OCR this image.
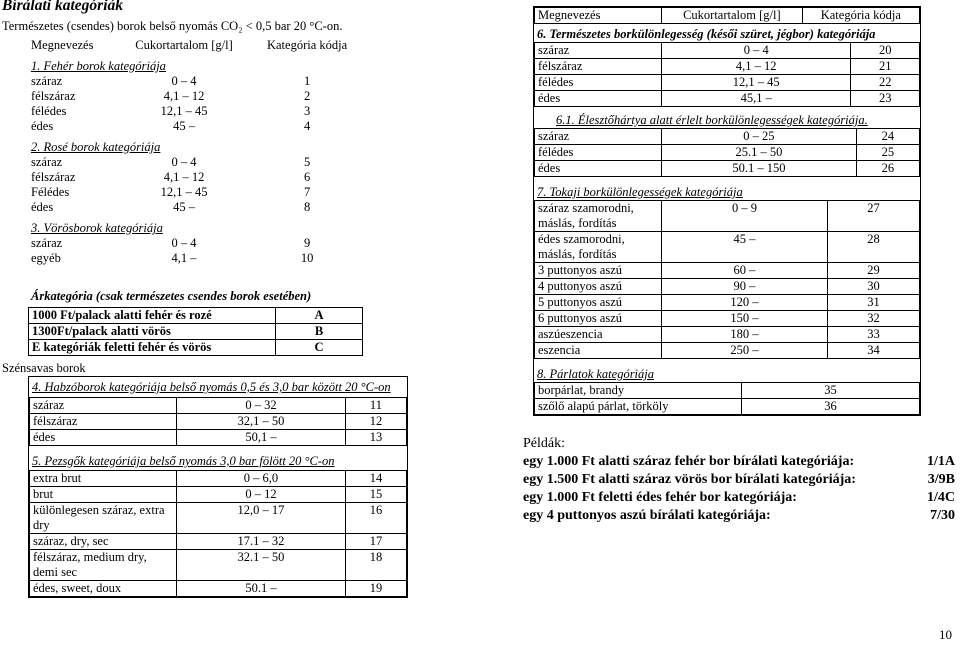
Bírálati kategóriák
Természetes (csendes) borok belső nyomás CO₂ < 0,5 bar 20 °C-on.
Megnevezés	Cukortartalom [g/l]	Kategória kódja
1. Fehér borok kategóriája		
száraz	0 – 4	1
félszáraz	4,1 – 12	2
félédes	12,1 – 45	3
édes	45 –	4
2. Rosé borok kategóriája		
száraz	0 – 4	5
félszáraz	4,1 – 12	6
Félédes	12,1 – 45	7
édes	45 –	8
3. Vörösborok kategóriája		
száraz	0 – 4	9
egyéb	4,1 –	10
Árkategória (csak természetes csendes borok esetében)
1000 Ft/palack alatti fehér és rozé	A
1300Ft/palack alatti vörös	B
E kategóriák feletti fehér és vörös	C
Szénsavas borok
4. Habzóborok kategóriája belső nyomás 0,5 és 3,0 bar között 20 °C-on
száraz	0 – 32	11
félszáraz	32,1 – 50	12
édes	50,1 –	13
5. Pezsgők kategóriája belső nyomás 3,0 bar fölött 20 °C-on
extra brut	0 – 6,0	14
brut	0 – 12	15
különlegesen száraz, extra dry	12,0 – 17	16
száraz, dry, sec	17.1 – 32	17
félszáraz, medium dry, demi sec	32.1 – 50	18
édes, sweet, doux	50.1 –	19
Megnevezés	Cukortartalom [g/l]	Kategória kódja
6. Természetes borkülönlegesség (késői szüret, jégbor) kategóriája
száraz	0 – 4	20
félszáraz	4,1 – 12	21
félédes	12,1 – 45	22
édes	45,1 –	23
6.1. Élesztőhártya alatt érlelt borkülönlegességek kategóriája.
száraz	0 – 25	24
félédes	25.1 – 50	25
édes	50.1 – 150	26
7. Tokaji borkülönlegességek kategóriája
száraz szamorodni, máslás, fordítás	0 – 9	27
édes szamorodni, máslás, fordítás	45 –	28
3 puttonyos aszú	60 –	29
4 puttonyos aszú	90 –	30
5 puttonyos aszú	120 –	31
6 puttonyos aszú	150 –	32
aszúeszencia	180 –	33
eszencia	250 –	34
8. Párlatok kategóriája
borpárlat, brandy	35
szőlő alapú párlat, törköly	36
Példák:
egy 1.000 Ft alatti száraz fehér bor bírálati kategóriája:	1/1A
egy 1.500 Ft alatti száraz vörös bor bírálati kategóriája:	3/9B
egy 1.000 Ft feletti édes fehér bor kategóriája:	1/4C
egy 4 puttonyos aszú bírálati kategóriája:	7/30
10
